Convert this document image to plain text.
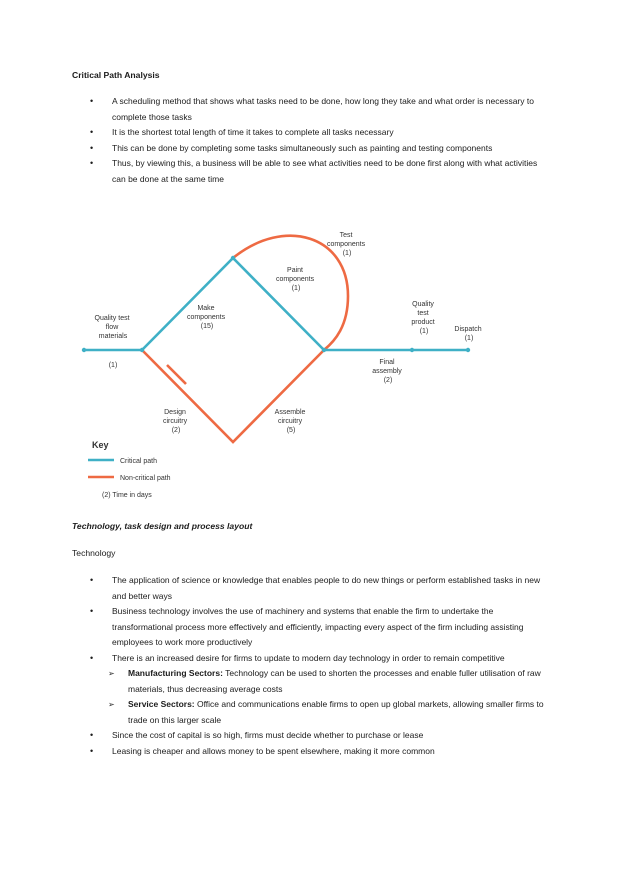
Critical Path Analysis
• A scheduling method that shows what tasks need to be done, how long they take and what order is necessary to complete those tasks
• It is the shortest total length of time it takes to complete all tasks necessary
• This can be done by completing some tasks simultaneously such as painting and testing components
• Thus, by viewing this, a business will be able to see what activities need to be done first along with what activities can be done at the same time
Quality test flow materials
(1)
Make components (15)
Paint components (1)
Test components (1)
Quality test product (1)	Dispatch (1)
Final assembly (2)
Design circuitry (2)
Assemble circuitry (5)
Key
Critical path
Non-critical path
(2) Time in days
Technology, task design and process layout
Technology
• The application of science or knowledge that enables people to do new things or perform established tasks in new and better ways
• Business technology involves the use of machinery and systems that enable the firm to undertake the transformational process more effectively and efficiently, impacting every aspect of the firm including assisting employees to work more productively
• There is an increased desire for firms to update to modern day technology in order to remain competitive
➢ Manufacturing Sectors: Technology can be used to shorten the processes and enable fuller utilisation of raw materials, thus decreasing average costs
➢ Service Sectors: Office and communications enable firms to open up global markets, allowing smaller firms to trade on this larger scale
• Since the cost of capital is so high, firms must decide whether to purchase or lease
• Leasing is cheaper and allows money to be spent elsewhere, making it more common
